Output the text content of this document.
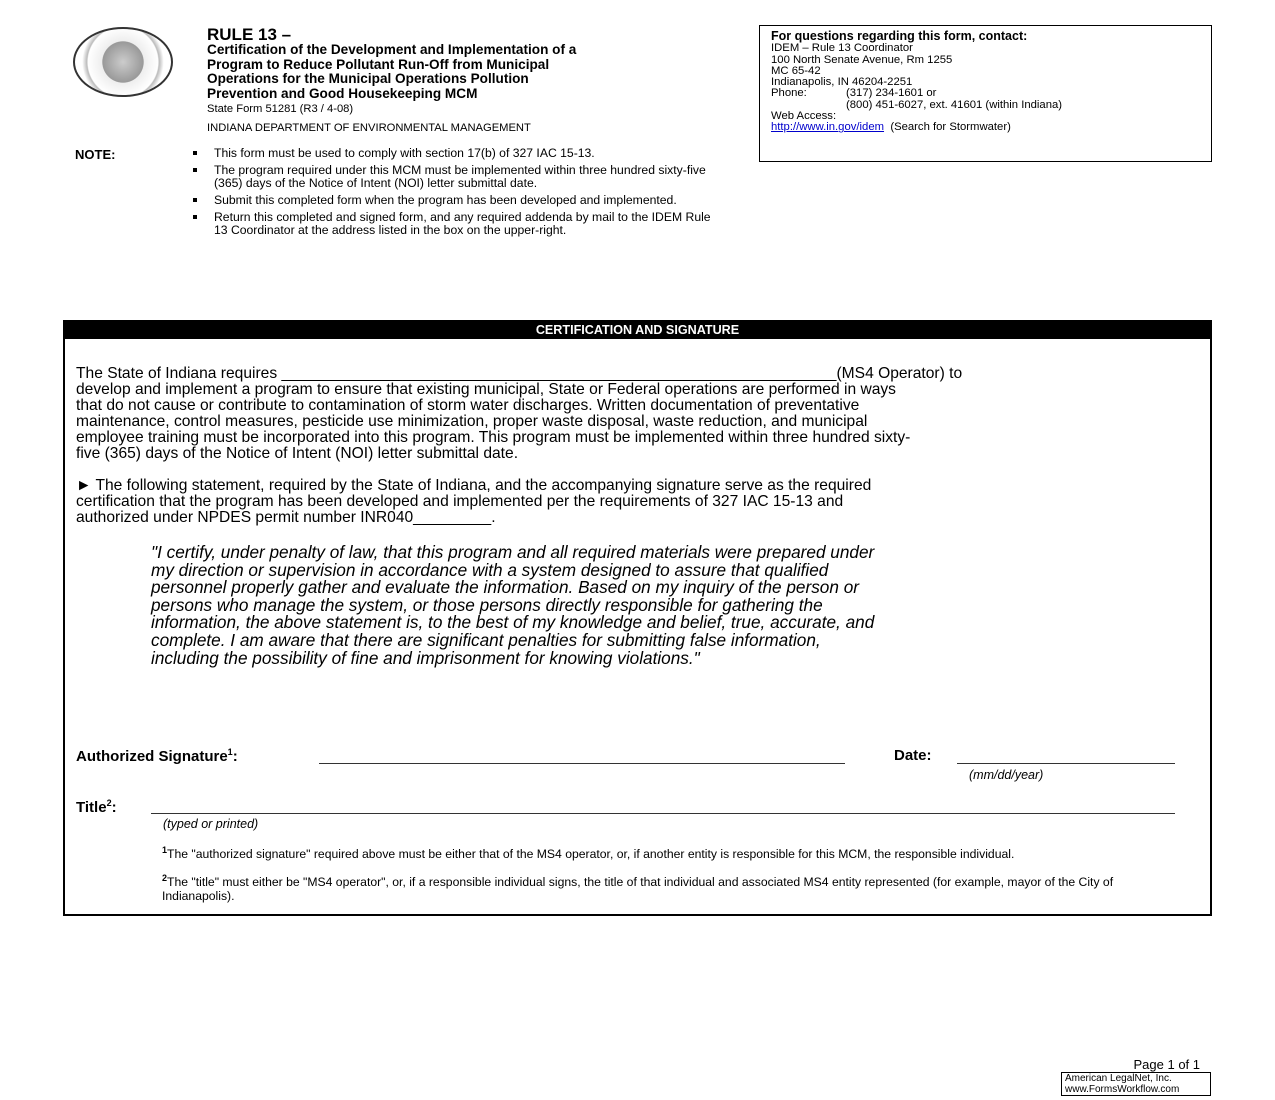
RULE 13 –
Certification of the Development and Implementation of a
Program to Reduce Pollutant Run-Off from Municipal
Operations for the Municipal Operations Pollution
Prevention and Good Housekeeping MCM
State Form 51281 (R3 / 4-08)
INDIANA DEPARTMENT OF ENVIRONMENTAL MANAGEMENT
NOTE:	This form must be used to comply with section 17(b) of 327 IAC 15-13.
The program required under this MCM must be implemented within three hundred sixty-five (365) days of the Notice of Intent (NOI) letter submittal date.
Submit this completed form when the program has been developed and implemented.
Return this completed and signed form, and any required addenda by mail to the IDEM Rule 13 Coordinator at the address listed in the box on the upper-right.
For questions regarding this form, contact:
IDEM – Rule 13 Coordinator
100 North Senate Avenue, Rm 1255
MC 65-42
Indianapolis, IN 46204-2251
Phone:	(317) 234-1601 or
(800) 451-6027, ext. 41601 (within Indiana)
Web Access:
http://www.in.gov/idem (Search for Stormwater)
CERTIFICATION AND SIGNATURE
The State of Indiana requires ________________________________________________________________(MS4 Operator) to
develop and implement a program to ensure that existing municipal, State or Federal operations are performed in ways
that do not cause or contribute to contamination of storm water discharges. Written documentation of preventative
maintenance, control measures, pesticide use minimization, proper waste disposal, waste reduction, and municipal
employee training must be incorporated into this program. This program must be implemented within three hundred sixty-
five (365) days of the Notice of Intent (NOI) letter submittal date.
► The following statement, required by the State of Indiana, and the accompanying signature serve as the required
certification that the program has been developed and implemented per the requirements of 327 IAC 15-13 and
authorized under NPDES permit number INR040_________.
"I certify, under penalty of law, that this program and all required materials were prepared under
my direction or supervision in accordance with a system designed to assure that qualified
personnel properly gather and evaluate the information. Based on my inquiry of the person or
persons who manage the system, or those persons directly responsible for gathering the
information, the above statement is, to the best of my knowledge and belief, true, accurate, and
complete. I am aware that there are significant penalties for submitting false information,
including the possibility of fine and imprisonment for knowing violations."
Authorized Signature$^1$:	Date:
(mm/dd/year)
Title$^2$:
(typed or printed)
$^1$The "authorized signature" required above must be either that of the MS4 operator, or, if another entity is responsible for this MCM, the responsible individual.
$^2$The "title" must either be "MS4 operator", or, if a responsible individual signs, the title of that individual and associated MS4 entity represented (for example, mayor of the City of Indianapolis).
Page 1 of 1
American LegalNet, Inc.
www.FormsWorkflow.com
